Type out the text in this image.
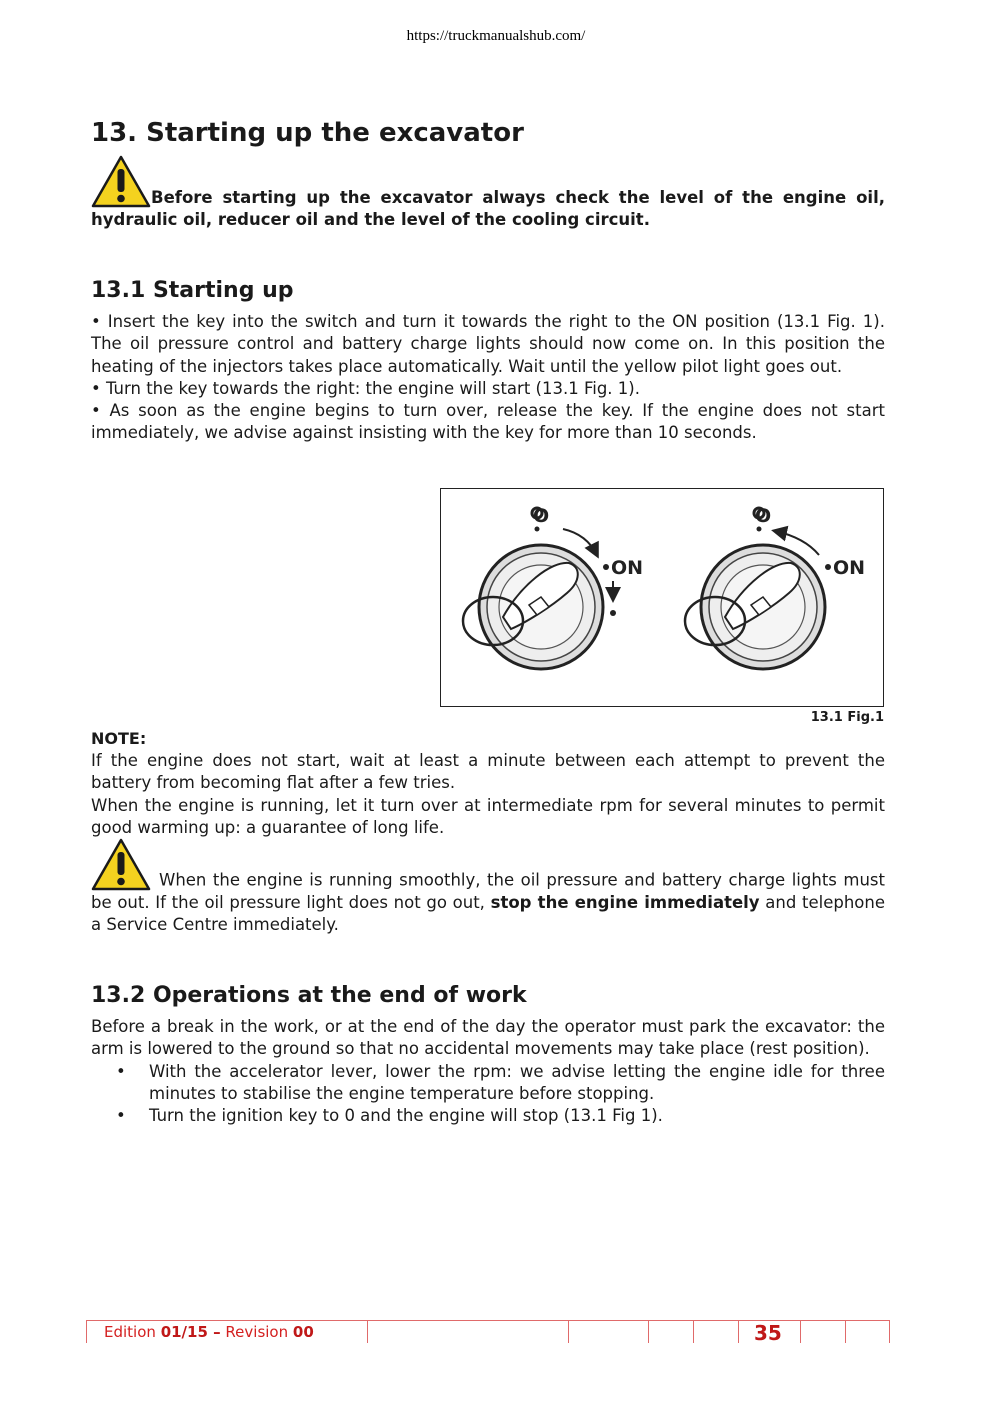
https://truckmanualshub.com/
13. Starting up the excavator

Before starting up the excavator always check the level of the engine oil, hydraulic oil, reducer oil and the level of the cooling circuit.

13.1 Starting up

• Insert the key into the switch and turn it towards the right to the ON position (13.1 Fig. 1). The oil pressure control and battery charge lights should now come on. In this position the heating of the injectors takes place automatically. Wait until the yellow pilot light goes out.

• Turn the key towards the right: the engine will start (13.1 Fig. 1).

• As soon as the engine begins to turn over, release the key. If the engine does not start immediately, we advise against insisting with the key for more than 10 seconds.

O
ON
O
ON
13.1 Fig.1
NOTE:

If the engine does not start, wait at least a minute between each attempt to prevent the battery from becoming flat after a few tries.

When the engine is running, let it turn over at intermediate rpm for several minutes to permit good warming up: a guarantee of long life.

When the engine is running smoothly, the oil pressure and battery charge lights must be out. If the oil pressure light does not go out, stop the engine immediately and telephone a Service Centre immediately.

13.2 Operations at the end of work

Before a break in the work, or at the end of the day the operator must park the excavator: the arm is lowered to the ground so that no accidental movements may take place (rest position).

• With the accelerator lever, lower the rpm: we advise letting the engine idle for three minutes to stabilise the engine temperature before stopping.
• Turn the ignition key to 0 and the engine will stop (13.1 Fig 1).
Edition 01/15 – Revision 00	35
